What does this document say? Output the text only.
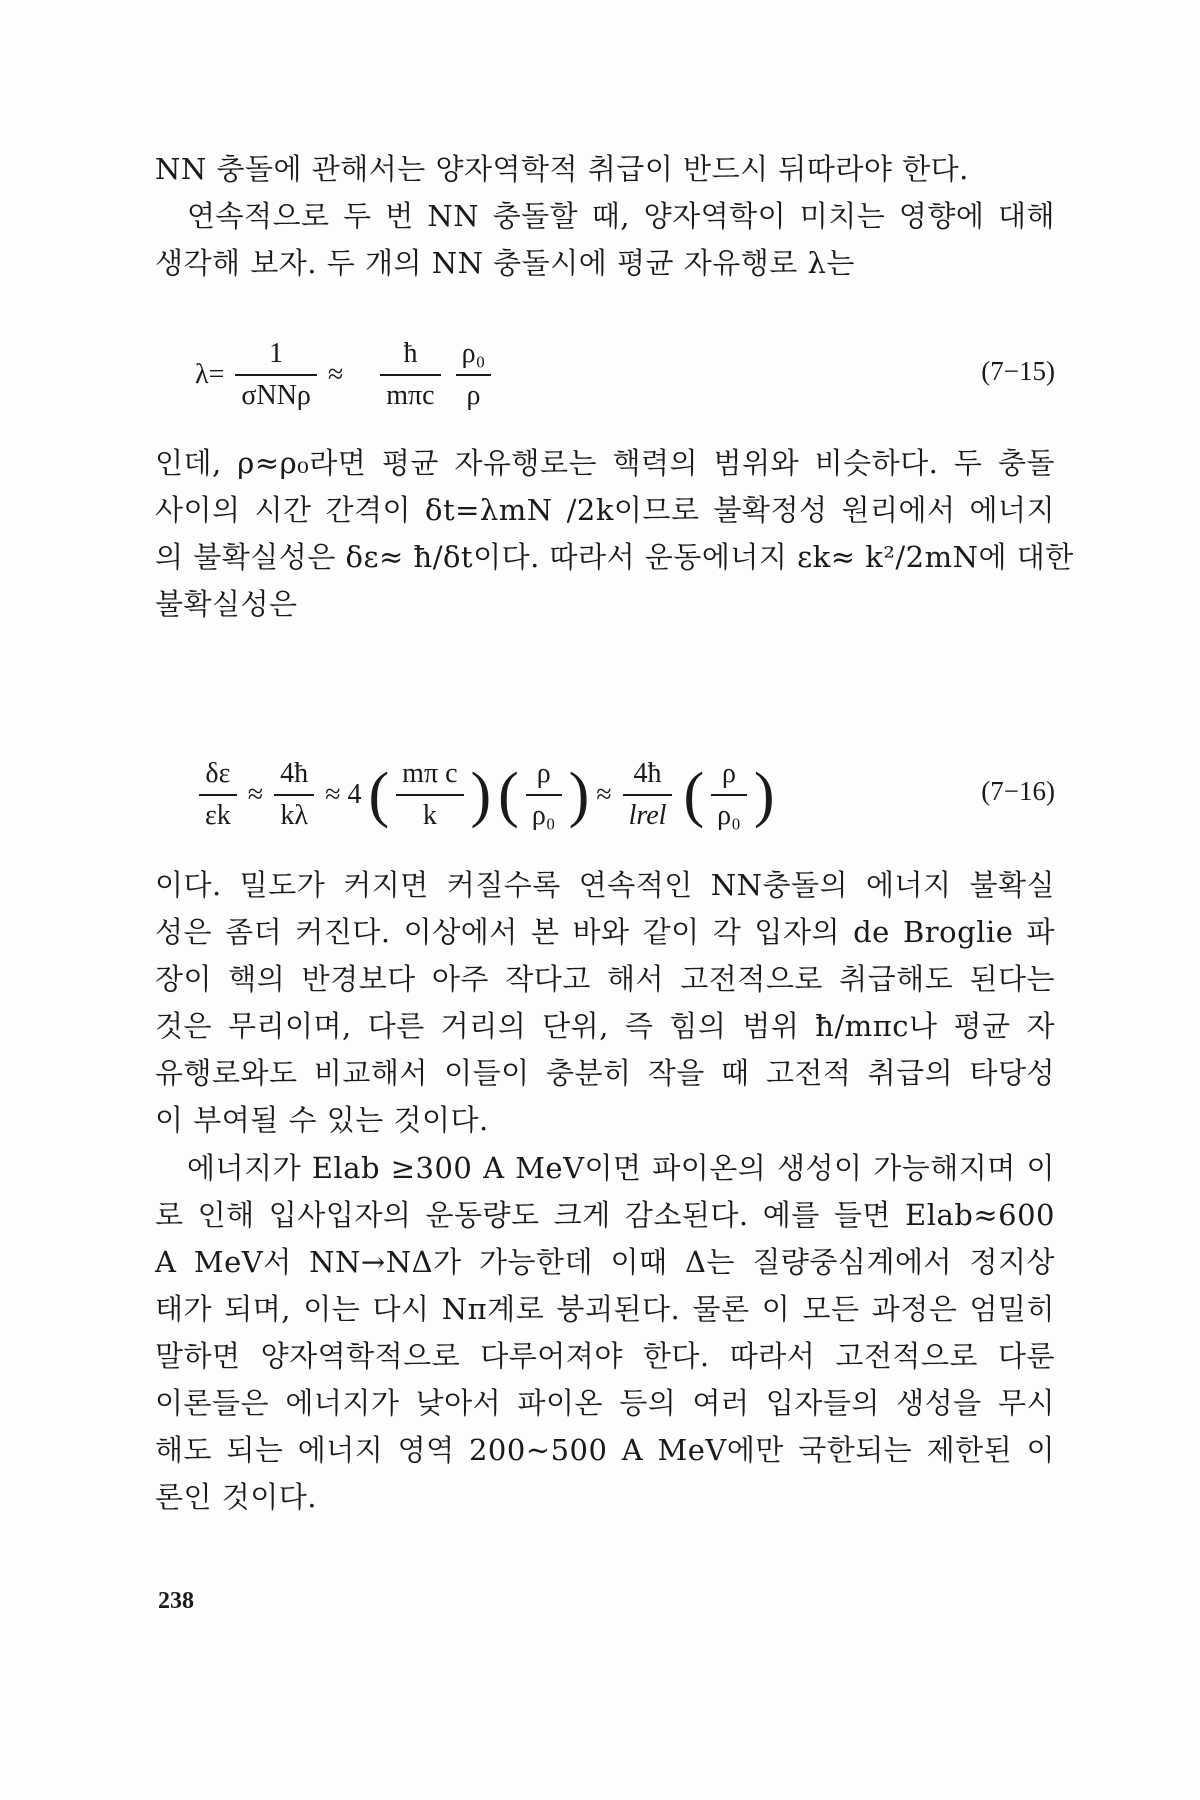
NN 충돌에 관해서는 양자역학적 취급이 반드시 뒤따라야 한다.
연속적으로 두 번 NN 충돌할 때, 양자역학이 미치는 영향에 대해
생각해 보자. 두 개의 NN 충돌시에 평균 자유행로 λ는
$\lambda= \frac{1}{\text{σNNρ}} \approx \frac{ħ}{\text{mπc}}$
$\frac{\text{ρ₀}}{\rho}$	(7−15)
인데, ρ≈ρ₀라면 평균 자유행로는 핵력의 범위와 비슷하다. 두 충돌
사이의 시간 간격이 δt=λmN ∕2k이므로 불확정성 원리에서 에너지
의 불확실성은 δε≈ ħ/δt이다. 따라서 운동에너지 εk≈ k²/2mN에 대한
불확실성은
$\frac{\delta\varepsilon}{\varepsilon k} \approx \frac{4ħ}{k\lambda} \approx 4$ ( $\frac{\text{mπ c}}{k}$ ) ( $\frac{\rho}{\text{ρ₀}}$ ) ≈ $\frac{4ħ}{\text{lrel}}$ ( $\frac{\rho}{\text{ρ₀}}$ )	(7−16)
이다. 밀도가 커지면 커질수록 연속적인 NN충돌의 에너지 불확실
성은 좀더 커진다. 이상에서 본 바와 같이 각 입자의 de Broglie 파
장이 핵의 반경보다 아주 작다고 해서 고전적으로 취급해도 된다는
것은 무리이며, 다른 거리의 단위, 즉 힘의 범위 ħ/mπc나 평균 자
유행로와도 비교해서 이들이 충분히 작을 때 고전적 취급의 타당성
이 부여될 수 있는 것이다.
에너지가 Elab ≥300 A MeV이면 파이온의 생성이 가능해지며 이
로 인해 입사입자의 운동량도 크게 감소된다. 예를 들면 Elab≈600
A MeV서 NN→NΔ가 가능한데 이때 Δ는 질량중심계에서 정지상
태가 되며, 이는 다시 Nπ계로 붕괴된다. 물론 이 모든 과정은 엄밀히
말하면 양자역학적으로 다루어져야 한다. 따라서 고전적으로 다룬
이론들은 에너지가 낮아서 파이온 등의 여러 입자들의 생성을 무시
해도 되는 에너지 영역 200∼500 A MeV에만 국한되는 제한된 이
론인 것이다.
238
